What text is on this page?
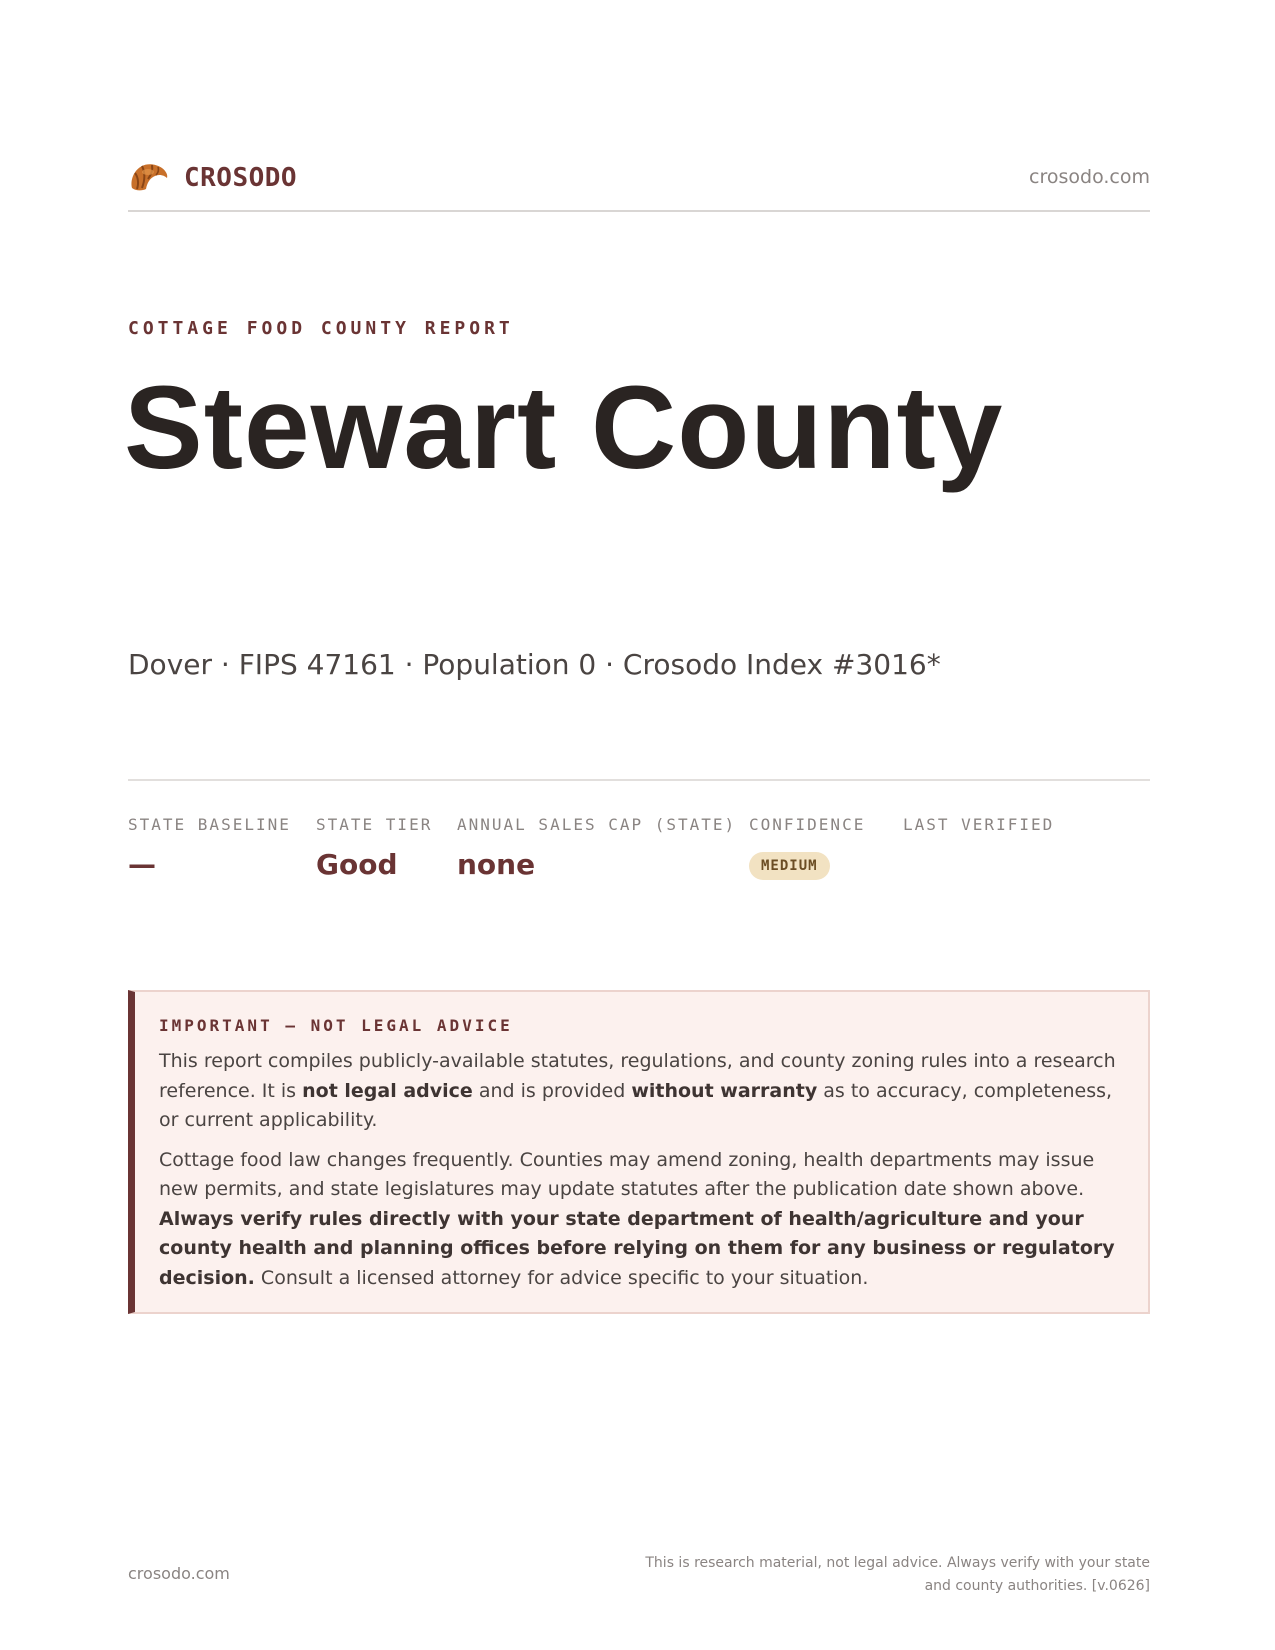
CROSODO	crosodo.com
COTTAGE FOOD COUNTY REPORT
Stewart County
Dover · FIPS 47161 · Population 0 · Crosodo Index #3016*
STATE BASELINE
—
STATE TIER
Good
ANNUAL SALES CAP (STATE)
none
CONFIDENCE
MEDIUM
LAST VERIFIED
IMPORTANT — NOT LEGAL ADVICE

This report compiles publicly-available statutes, regulations, and county zoning rules into a research reference. It is not legal advice and is provided without warranty as to accuracy, completeness, or current applicability.

Cottage food law changes frequently. Counties may amend zoning, health departments may issue new permits, and state legislatures may update statutes after the publication date shown above. Always verify rules directly with your state department of health/agriculture and your county health and planning offices before relying on them for any business or regulatory decision. Consult a licensed attorney for advice specific to your situation.

crosodo.com
This is research material, not legal advice. Always verify with your state
and county authorities. [v.0626]
